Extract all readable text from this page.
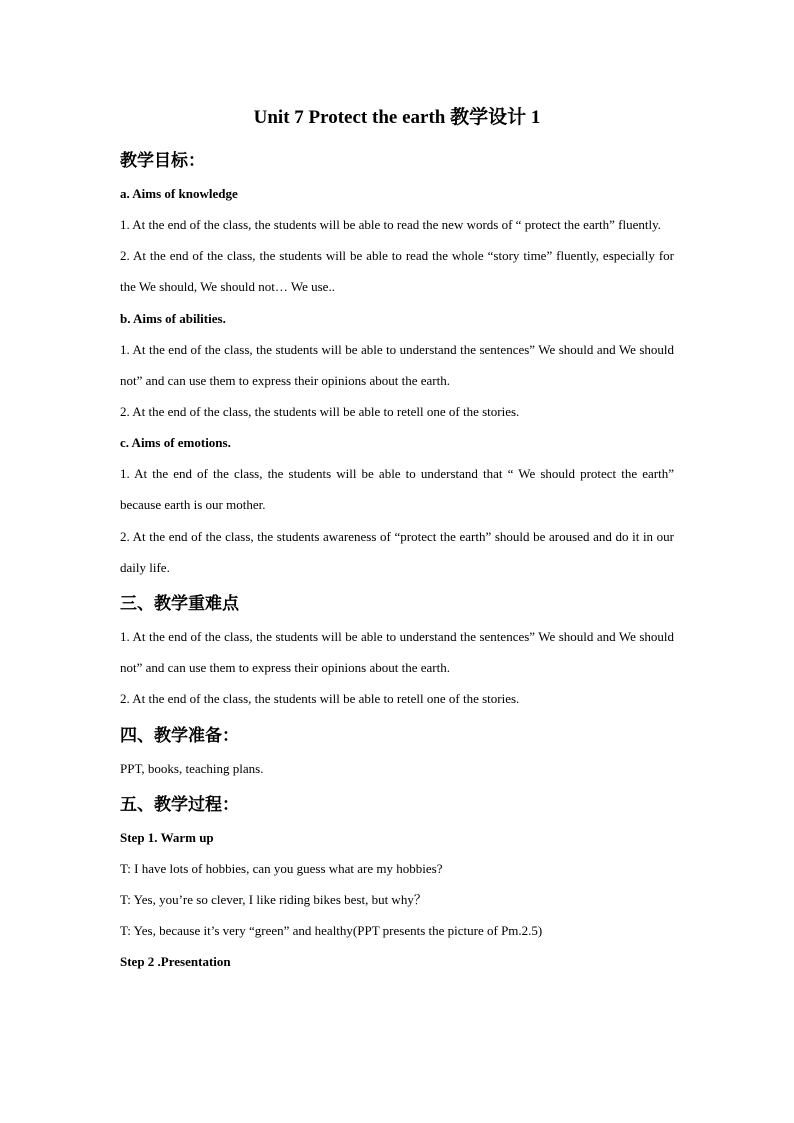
Unit 7 Protect the earth 教学设计 1
教学目标：
a. Aims of knowledge
1. At the end of the class, the students will be able to read the new words of “ protect the earth” fluently.
2. At the end of the class, the students will be able to read the whole “story time” fluently, especially for the We should, We should not… We use..
b. Aims of abilities.
1. At the end of the class, the students will be able to understand the sentences” We should and We should not” and can use them to express their opinions about the earth.
2. At the end of the class, the students will be able to retell one of the stories.
c. Aims of emotions.
1. At the end of the class, the students will be able to understand that “ We should protect the earth” because earth is our mother.
2. At the end of the class, the students awareness of “protect the earth” should be aroused and do it in our daily life.
三、教学重难点
1. At the end of the class, the students will be able to understand the sentences” We should and We should not” and can use them to express their opinions about the earth.
2. At the end of the class, the students will be able to retell one of the stories.
四、教学准备：
PPT, books, teaching plans.
五、教学过程：
Step 1. Warm up
T: I have lots of hobbies, can you guess what are my hobbies?
T: Yes, you’re so clever, I like riding bikes best, but why？
T: Yes, because it’s very “green” and healthy(PPT presents the picture of Pm.2.5)
Step 2 .Presentation
